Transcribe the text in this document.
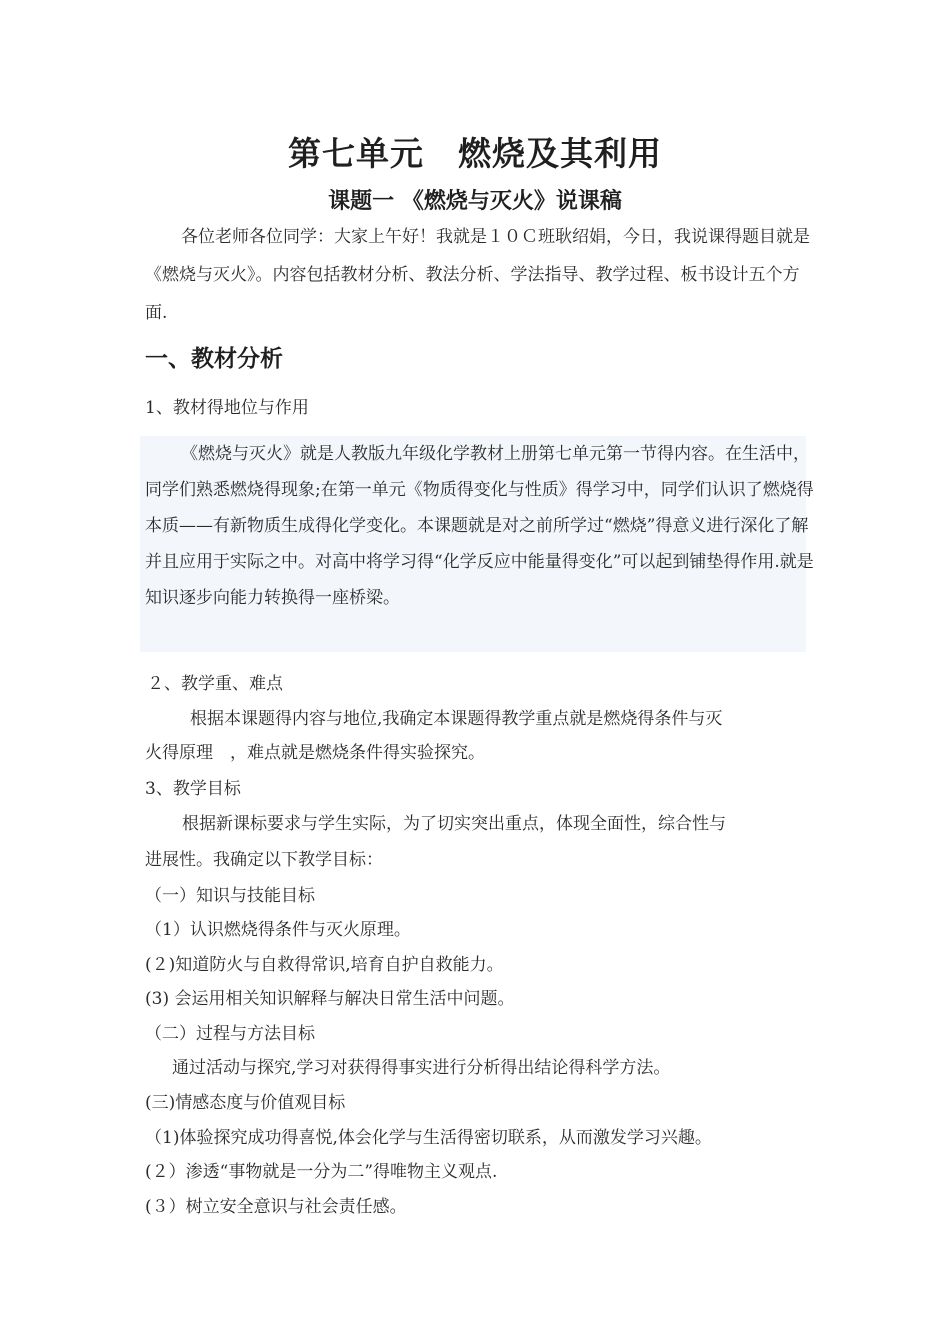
第七单元　燃烧及其利用
课题一 《燃烧与灭火》说课稿
各位老师各位同学：大家上午好！我就是１０Ｃ班耿绍娟，今日，我说课得题目就是《燃烧与灭火》。内容包括教材分析、教法分析、学法指导、教学过程、板书设计五个方面.
一、教材分析
1、教材得地位与作用
《燃烧与灭火》就是人教版九年级化学教材上册第七单元第一节得内容。在生活中，同学们熟悉燃烧得现象;在第一单元《物质得变化与性质》得学习中，同学们认识了燃烧得本质——有新物质生成得化学变化。本课题就是对之前所学过“燃烧”得意义进行深化了解并且应用于实际之中。对高中将学习得“化学反应中能量得变化”可以起到铺垫得作用.就是知识逐步向能力转换得一座桥梁。
２、教学重、难点
根据本课题得内容与地位,我确定本课题得教学重点就是燃烧得条件与灭
火得原理　，难点就是燃烧条件得实验探究。
3、教学目标
根据新课标要求与学生实际，为了切实突出重点，体现全面性，综合性与
进展性。我确定以下教学目标：
（一）知识与技能目标
（1）认识燃烧得条件与灭火原理。
(２)知道防火与自救得常识,培育自护自救能力。
(3) 会运用相关知识解释与解决日常生活中问题。
（二）过程与方法目标
通过活动与探究,学习对获得得事实进行分析得出结论得科学方法。
(三)情感态度与价值观目标
（1)体验探究成功得喜悦,体会化学与生活得密切联系，从而激发学习兴趣。
(２）渗透“事物就是一分为二”得唯物主义观点.
(３）树立安全意识与社会责任感。
